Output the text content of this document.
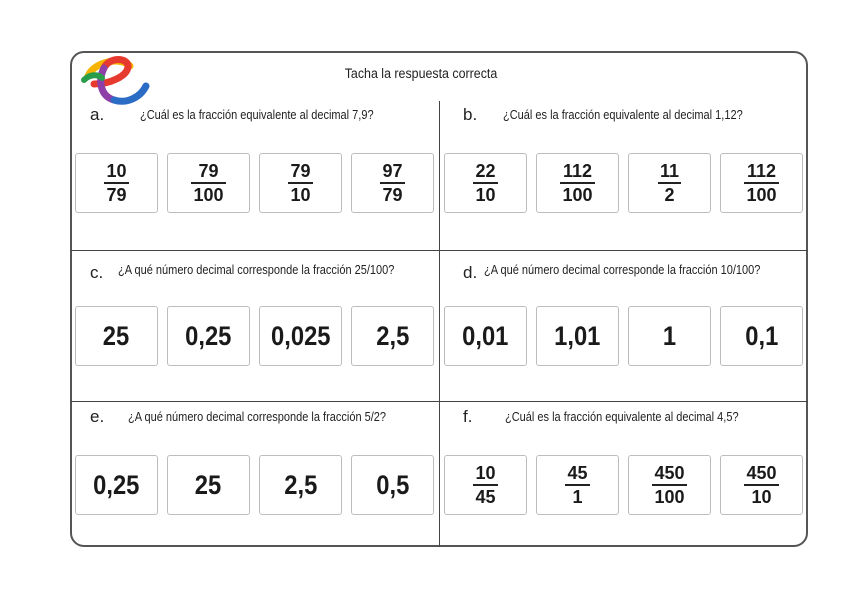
Tacha la respuesta correcta
a.	¿Cuál es la fracción equivalente al decimal 7,9?
$\frac{10}{79}$	$\frac{79}{100}$	$\frac{79}{10}$	$\frac{97}{79}$
b. ¿Cuál es la fracción equivalente al decimal 1,12?
$\frac{22}{10}$	$\frac{112}{100}$	$\frac{11}{2}$	$\frac{112}{100}$
c. ¿A qué número decimal corresponde la fracción 25/100?
25 0,25 0,025 2,5
d. ¿A qué número decimal corresponde la fracción 10/100?
0,01 1,01 1	0,1
e. ¿A qué número decimal corresponde la fracción 5/2?
0,25 25 2,5 0,5
f.	¿Cuál es la fracción equivalente al decimal 4,5?
$\frac{10}{45}$	$\frac{45}{1}$	$\frac{450}{100}$	$\frac{450}{10}$
